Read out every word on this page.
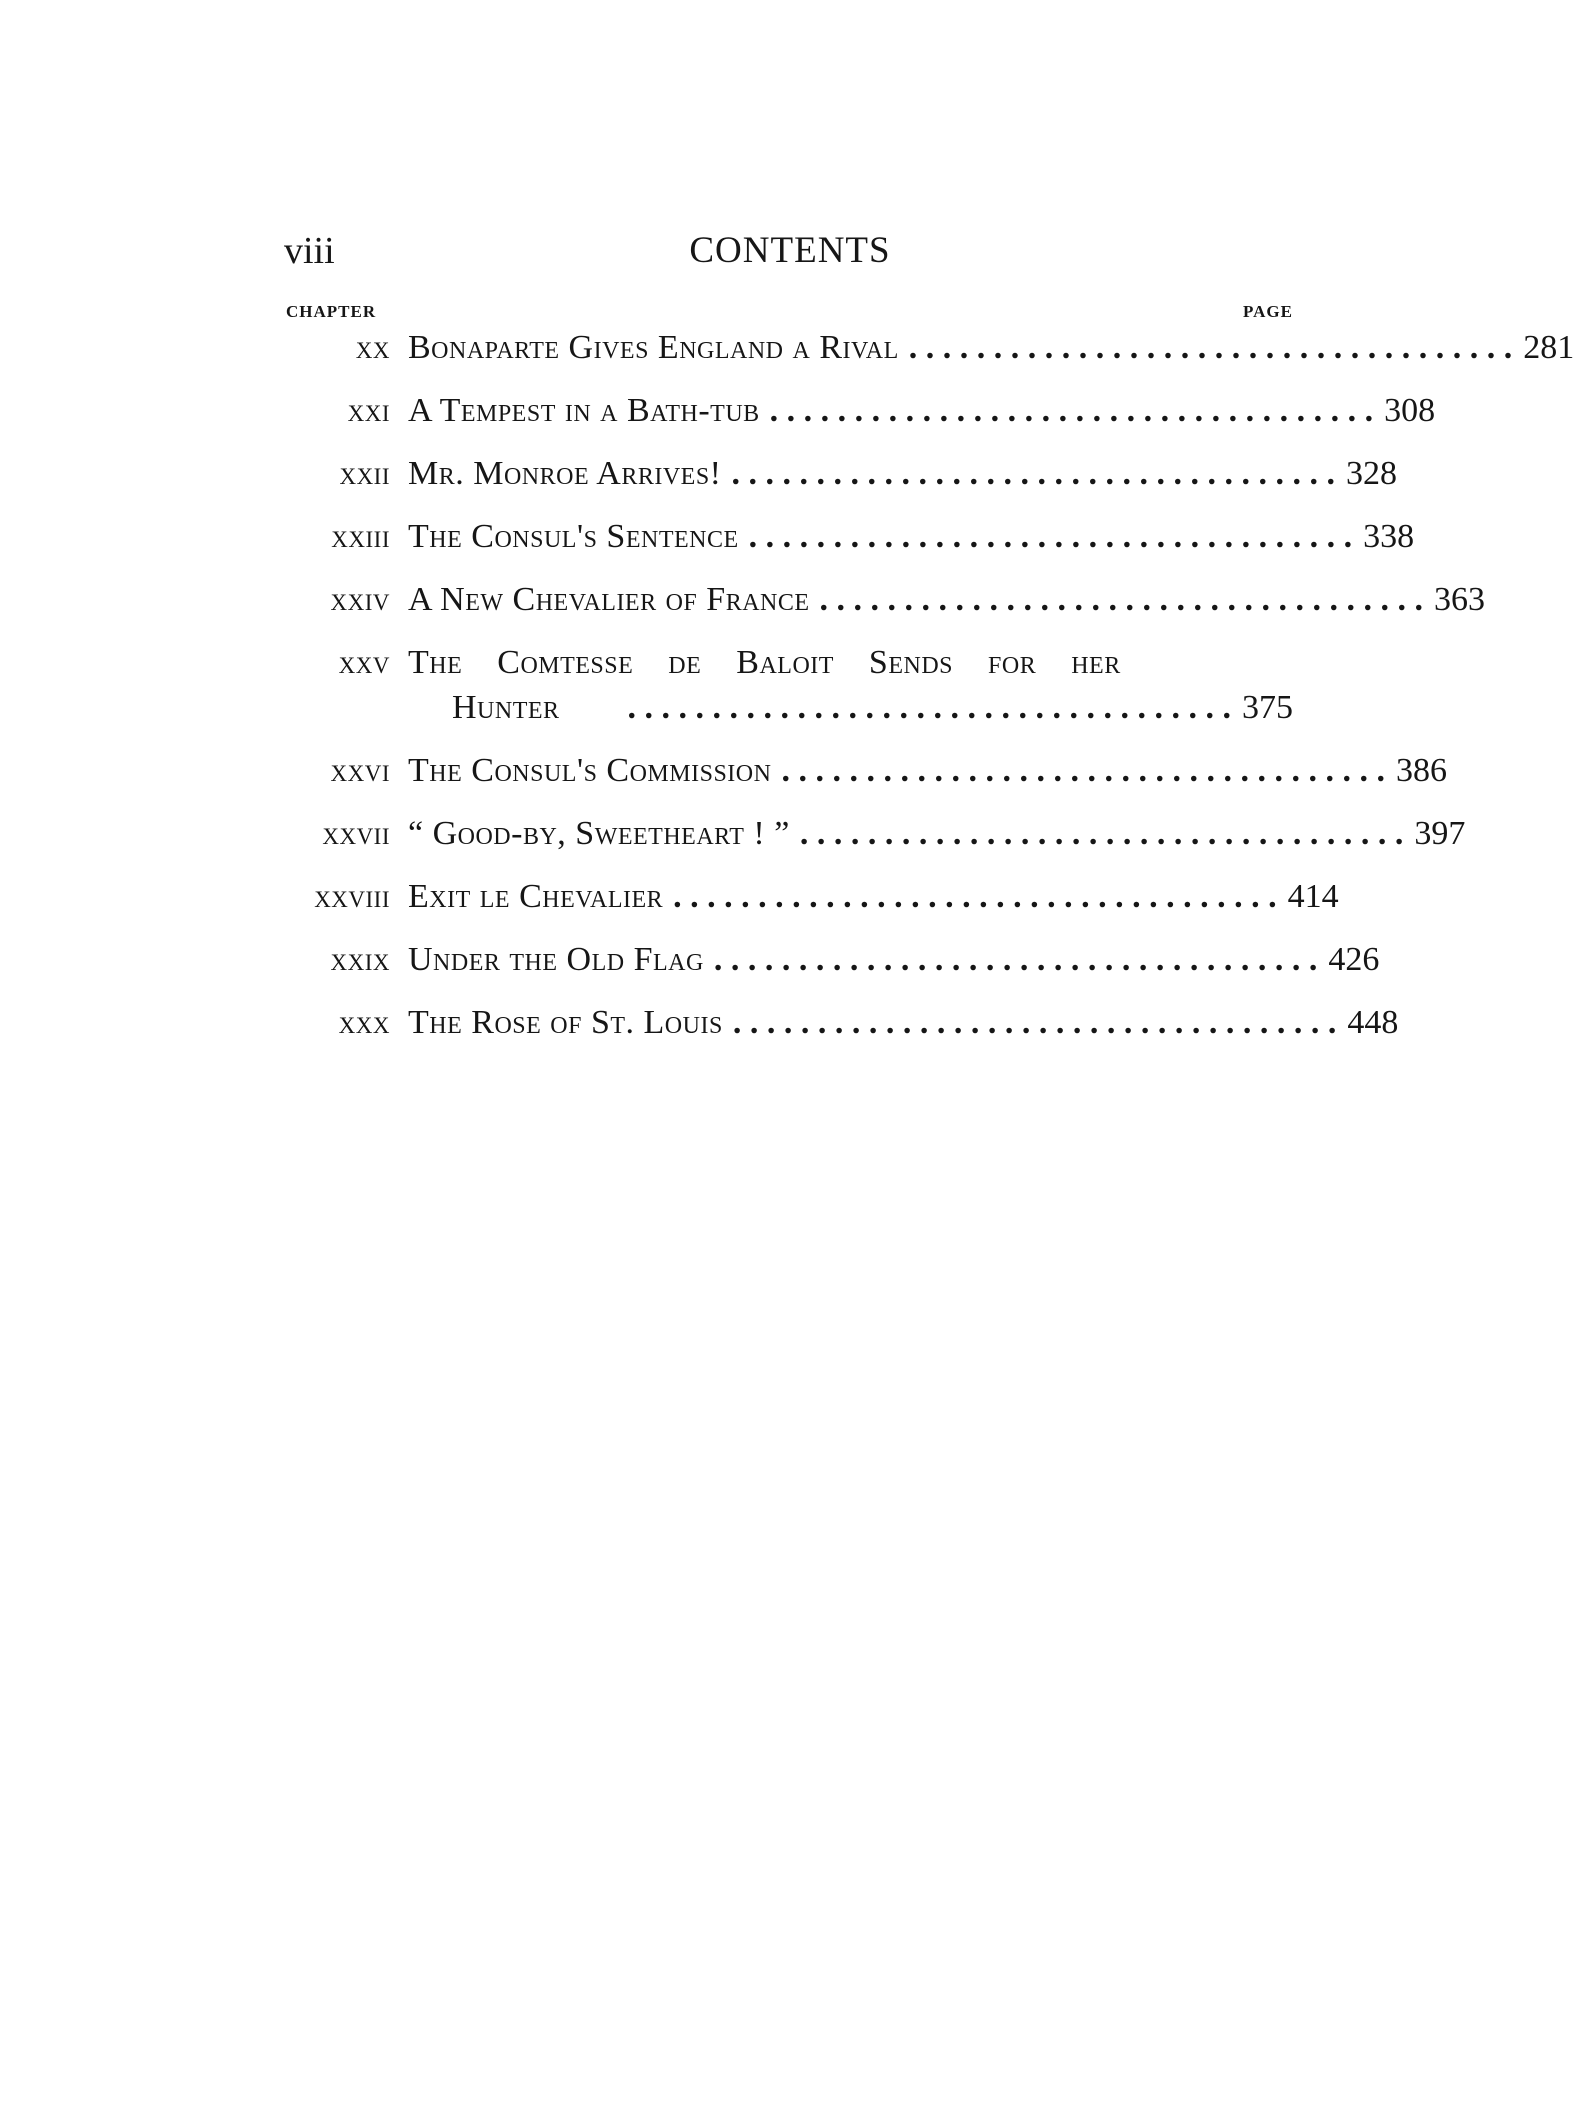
viii	CONTENTS
CHAPTER	PAGE
xx Bonaparte Gives England a Rival . . . . . . . . . . . . . . . . . . . . . . . . . . . . . . . . . . . . 281
xxi A Tempest in a Bath-tub . . . . . . . . . . . . . . . . . . . . . . . . . . . . . . . . . . . . 308
xxii Mr. Monroe Arrives! . . . . . . . . . . . . . . . . . . . . . . . . . . . . . . . . . . . . 328
xxiii The Consul's Sentence . . . . . . . . . . . . . . . . . . . . . . . . . . . . . . . . . . . . 338
xxiv A New Chevalier of France . . . . . . . . . . . . . . . . . . . . . . . . . . . . . . . . . . . . 363
xxv The Comtesse de Baloit Sends for her
Hunter	. . . . . . . . . . . . . . . . . . . . . . . . . . . . . . . . . . . . 375
xxvi The Consul's Commission . . . . . . . . . . . . . . . . . . . . . . . . . . . . . . . . . . . . 386
xxvii “ Good-by, Sweetheart ! ” . . . . . . . . . . . . . . . . . . . . . . . . . . . . . . . . . . . . 397
xxviii Exit le Chevalier . . . . . . . . . . . . . . . . . . . . . . . . . . . . . . . . . . . . 414
xxix Under the Old Flag . . . . . . . . . . . . . . . . . . . . . . . . . . . . . . . . . . . . 426
xxx The Rose of St. Louis . . . . . . . . . . . . . . . . . . . . . . . . . . . . . . . . . . . . 448
